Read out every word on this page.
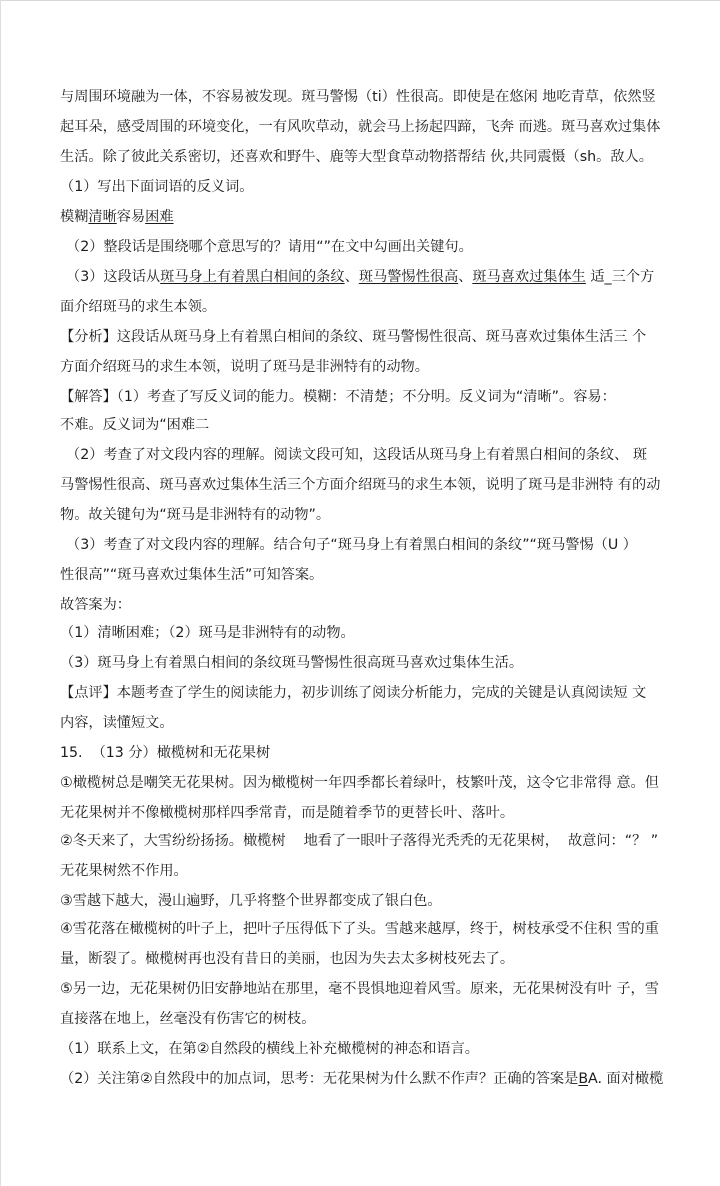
与周围环境融为一体，不容易被发现。斑马警惕（ti）性很高。即使是在悠闲 地吃青草，依然竖
起耳朵，感受周围的环境变化，一有风吹草动，就会马上扬起四蹄，飞奔 而逃。斑马喜欢过集体
生活。除了彼此关系密切，还喜欢和野牛、鹿等大型食草动物搭帮结 伙,共同震慑（sh。敌人。
（1）写出下面词语的反义词。
模糊清晰容易困难
（2）整段话是围绕哪个意思写的？请用“”在文中勾画出关键句。
（3）这段话从斑马身上有着黑白相间的条纹、斑马警惕性很高、斑马喜欢过集体生 适_三个方
面介绍斑马的求生本领。
【分析】这段话从斑马身上有着黑白相间的条纹、斑马警惕性很高、斑马喜欢过集体生活三 个
方面介绍斑马的求生本领，说明了斑马是非洲特有的动物。
【解答】（1）考查了写反义词的能力。模糊：不清楚；不分明。反义词为“清晰”。容易：
不难。反义词为“困难二
（2）考查了对文段内容的理解。阅读文段可知，这段话从斑马身上有着黑白相间的条纹、 斑
马警惕性很高、斑马喜欢过集体生活三个方面介绍斑马的求生本领，说明了斑马是非洲特 有的动
物。故关键句为“斑马是非洲特有的动物”。
（3）考查了对文段内容的理解。结合句子“斑马身上有着黑白相间的条纹”“斑马警惕（U ）
性很高”“斑马喜欢过集体生活”可知答案。
故答案为：
（1）清晰困难；（2）斑马是非洲特有的动物。
（3）斑马身上有着黑白相间的条纹斑马警惕性很高斑马喜欢过集体生活。
【点评】本题考查了学生的阅读能力，初步训练了阅读分析能力，完成的关键是认真阅读短 文
内容，读懂短文。
15.  （13 分）橄榄树和无花果树
①橄榄树总是嘲笑无花果树。因为橄榄树一年四季都长着绿叶，枝繁叶茂，这令它非常得 意。但
无花果树并不像橄榄树那样四季常青，而是随着季节的更替长叶、落叶。
②冬天来了，大雪纷纷扬扬。橄榄树    地看了一眼叶子落得光秃秃的无花果树，  故意问：“？ ”
无花果树然不作用。
③雪越下越大，漫山遍野，几乎将整个世界都变成了银白色。
④雪花落在橄榄树的叶子上，把叶子压得低下了头。雪越来越厚，终于，树枝承受不住积 雪的重
量，断裂了。橄榄树再也没有昔日的美丽，也因为失去太多树枝死去了。
⑤另一边，无花果树仍旧安静地站在那里，毫不畏惧地迎着风雪。原来，无花果树没有叶 子，雪
直接落在地上，丝毫没有伤害它的树枝。
（1）联系上文，在第②自然段的横线上补充橄榄树的神态和语言。
（2）关注第②自然段中的加点词，思考：无花果树为什么默不作声？正确的答案是BA. 面对橄榄
